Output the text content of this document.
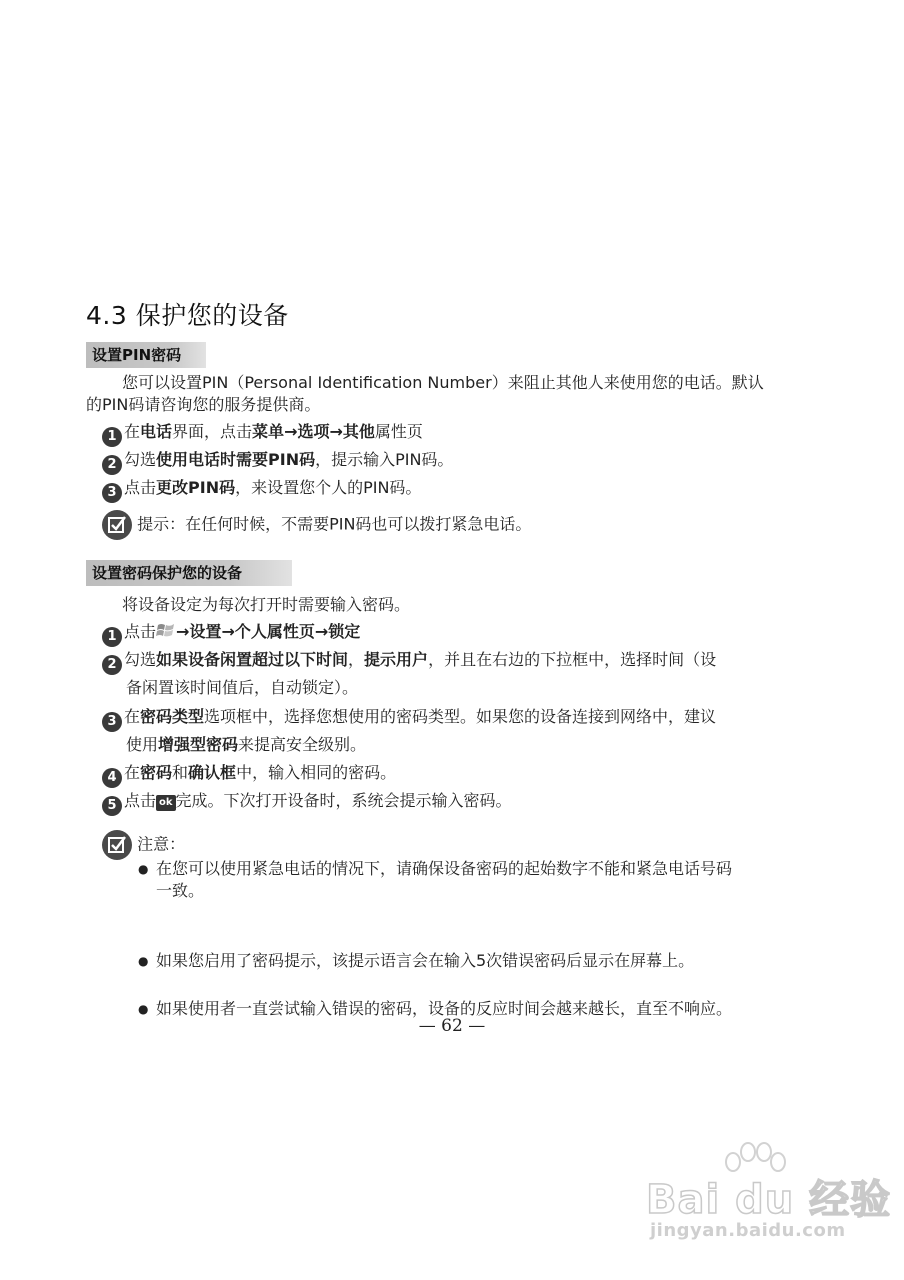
4.3 保护您的设备
设置PIN密码
您可以设置PIN（Personal Identification Number）来阻止其他人来使用您的电话。默认
的PIN码请咨询您的服务提供商。
1 在电话界面，点击菜单→选项→其他属性页
2 勾选使用电话时需要PIN码，提示输入PIN码。
3 点击更改PIN码，来设置您个人的PIN码。
提示：在任何时候，不需要PIN码也可以拨打紧急电话。
设置密码保护您的设备
将设备设定为每次打开时需要输入密码。
1 点击 →设置→个人属性页→锁定
2 勾选如果设备闲置超过以下时间，提示用户，并且在右边的下拉框中，选择时间（设
备闲置该时间值后，自动锁定）。
3 在密码类型选项框中，选择您想使用的密码类型。如果您的设备连接到网络中，建议
使用增强型密码来提高安全级别。
4 在密码和确认框中，输入相同的密码。
5 点击 ok 完成。下次打开设备时，系统会提示输入密码。
注意：
● 在您可以使用紧急电话的情况下，请确保设备密码的起始数字不能和紧急电话号码
一致。
● 如果您启用了密码提示，该提示语言会在输入5次错误密码后显示在屏幕上。
● 如果使用者一直尝试输入错误的密码，设备的反应时间会越来越长，直至不响应。
— 62 —
Bai du 经验
jingyan.baidu.com
